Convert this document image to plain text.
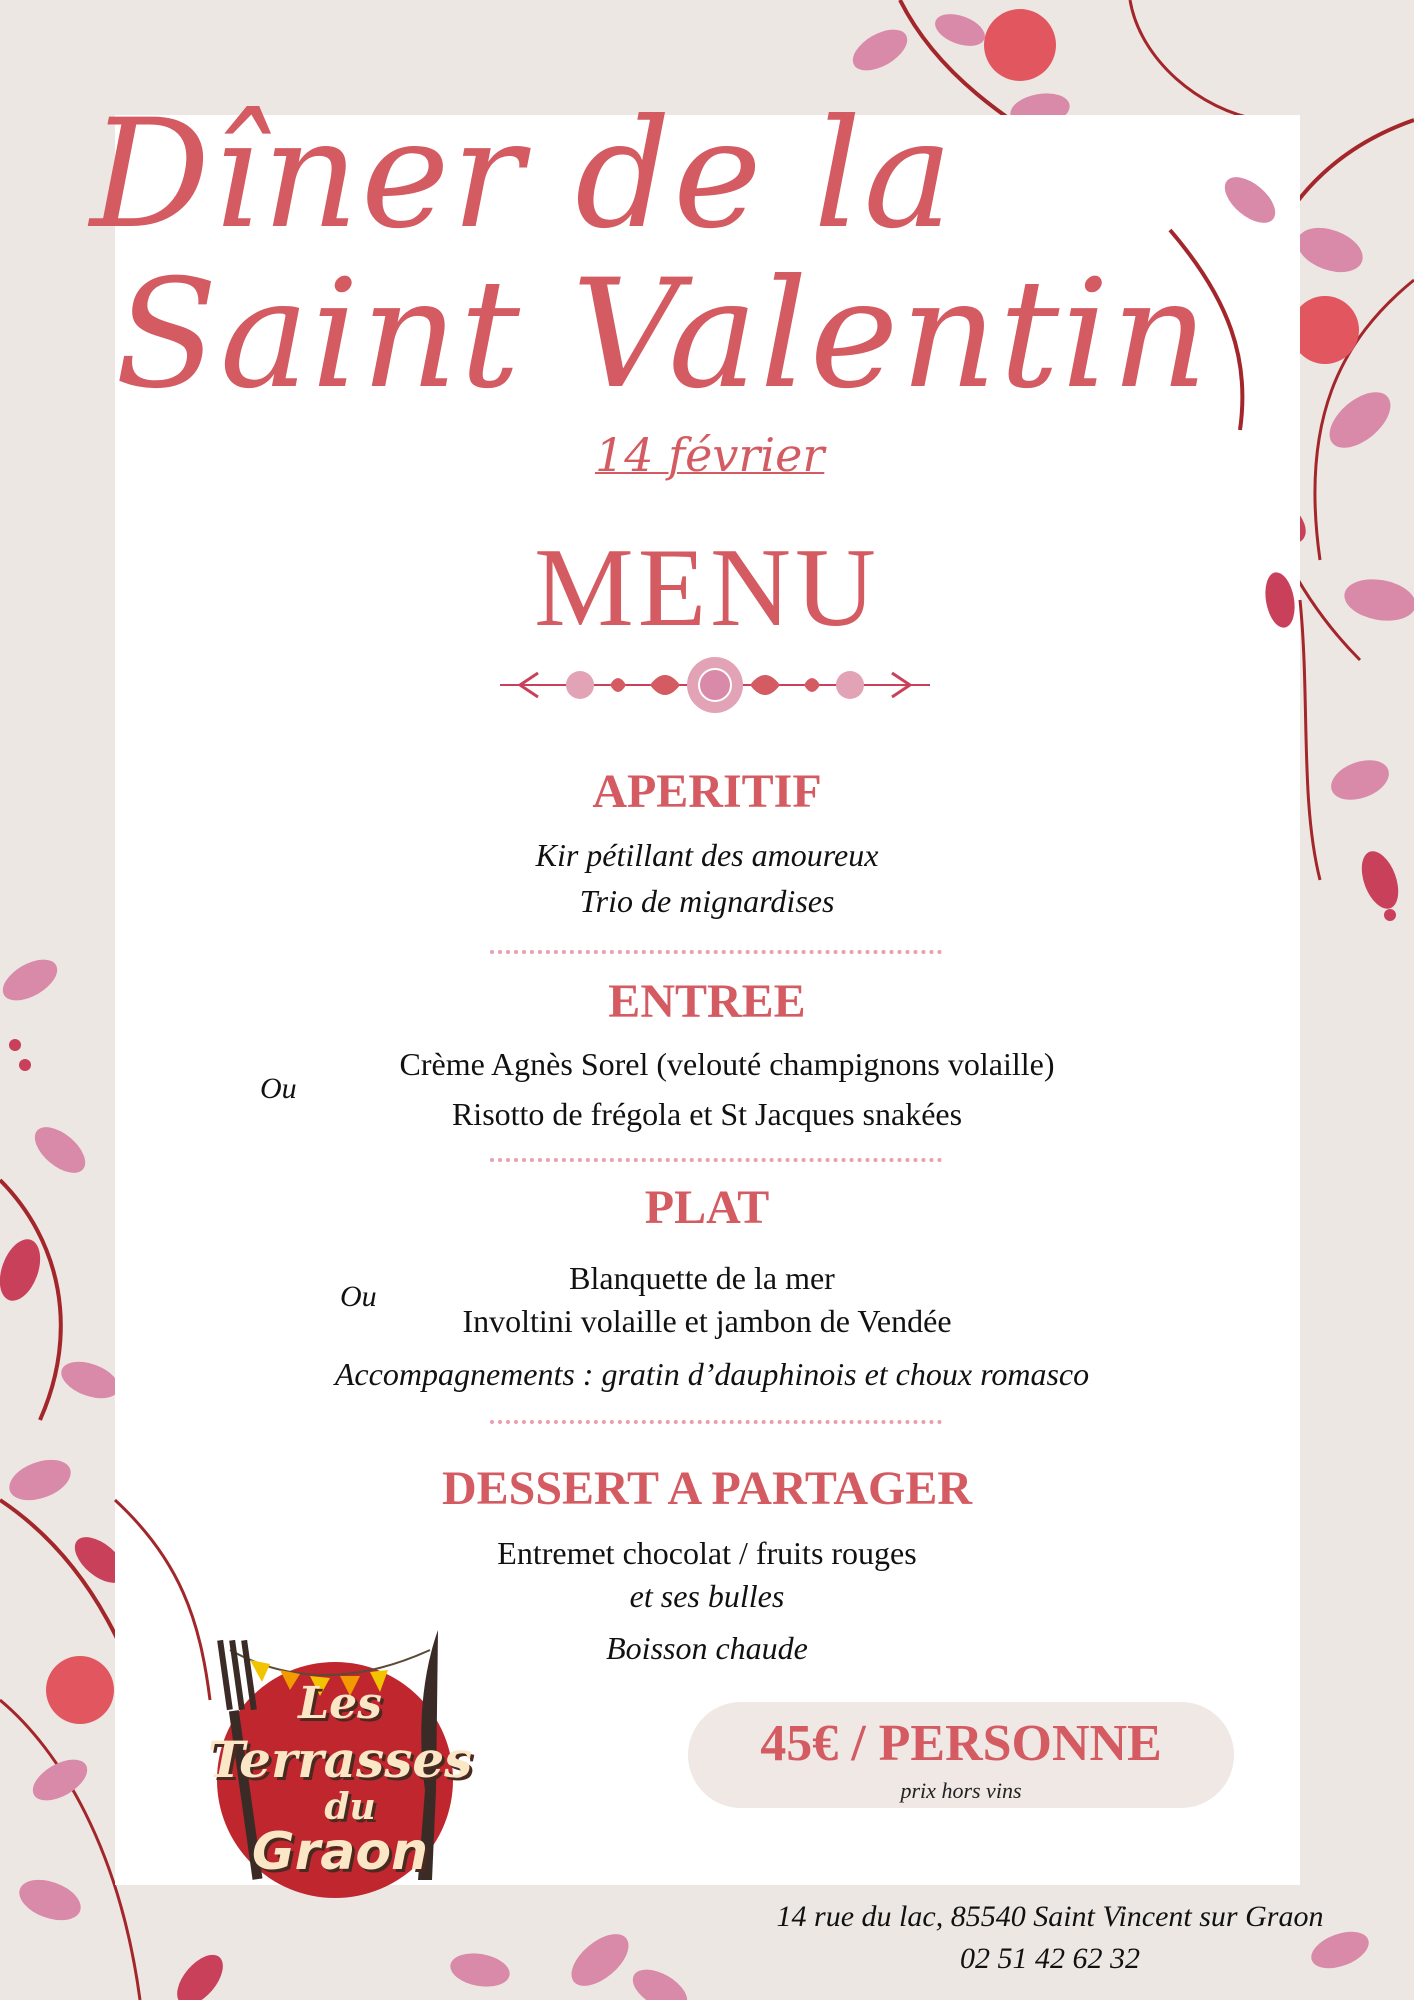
Dîner de la
Saint Valentin
14 février
MENU
APERITIF
Kir pétillant des amoureux
Trio de mignardises
ENTREE
Crème Agnès Sorel (velouté champignons volaille)
Risotto de frégola et St Jacques snakées
Ou
PLAT
Blanquette de la mer
Involtini volaille et jambon de Vendée
Ou
Accompagnements : gratin d’dauphinois et choux romasco
DESSERT A PARTAGER
Entremet chocolat / fruits rouges
et ses bulles
Boisson chaude
45€ / PERSONNE
prix hors vins
Les
Terrasses
du
Graon
14 rue du lac, 85540 Saint Vincent sur Graon
02 51 42 62 32
